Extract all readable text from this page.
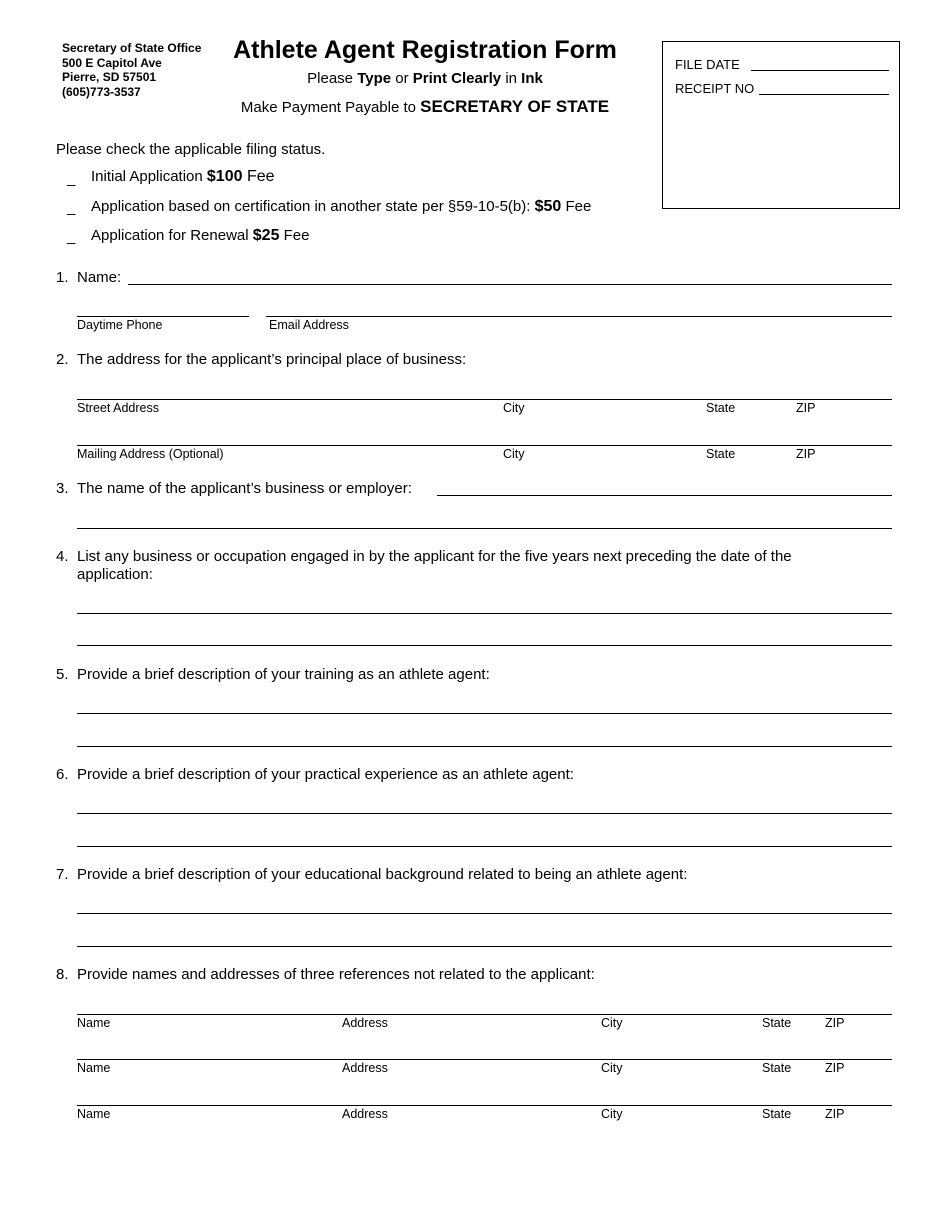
Secretary of State Office
500 E Capitol Ave
Pierre, SD 57501
(605)773-3537
Athlete Agent Registration Form
Please Type or Print Clearly in Ink
Make Payment Payable to SECRETARY OF STATE
FILE DATE
RECEIPT NO
Please check the applicable filing status.
_ Initial Application $100 Fee
_ Application based on certification in another state per §59-10-5(b): $50 Fee
_ Application for Renewal $25 Fee
1. Name:
Daytime Phone	Email Address
2. The address for the applicant’s principal place of business:
Street Address	City	State	ZIP
Mailing Address (Optional)	City	State	ZIP
3. The name of the applicant’s business or employer:
4. List any business or occupation engaged in by the applicant for the five years next preceding the date of the
application:
5. Provide a brief description of your training as an athlete agent:
6. Provide a brief description of your practical experience as an athlete agent:
7. Provide a brief description of your educational background related to being an athlete agent:
8. Provide names and addresses of three references not related to the applicant:
Name	Address	City	State	ZIP
Name	Address	City	State	ZIP
Name	Address	City	State	ZIP
